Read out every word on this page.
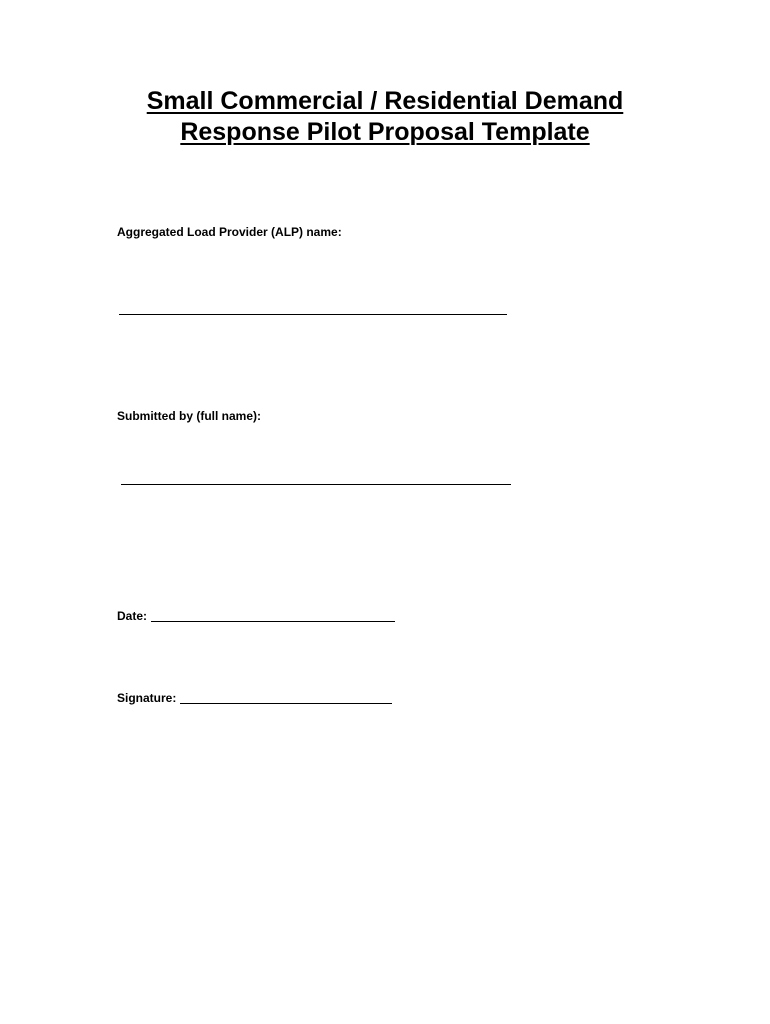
Small Commercial / Residential Demand
Response Pilot Proposal Template
Aggregated Load Provider (ALP) name:
Submitted by (full name):
Date:
Signature:
